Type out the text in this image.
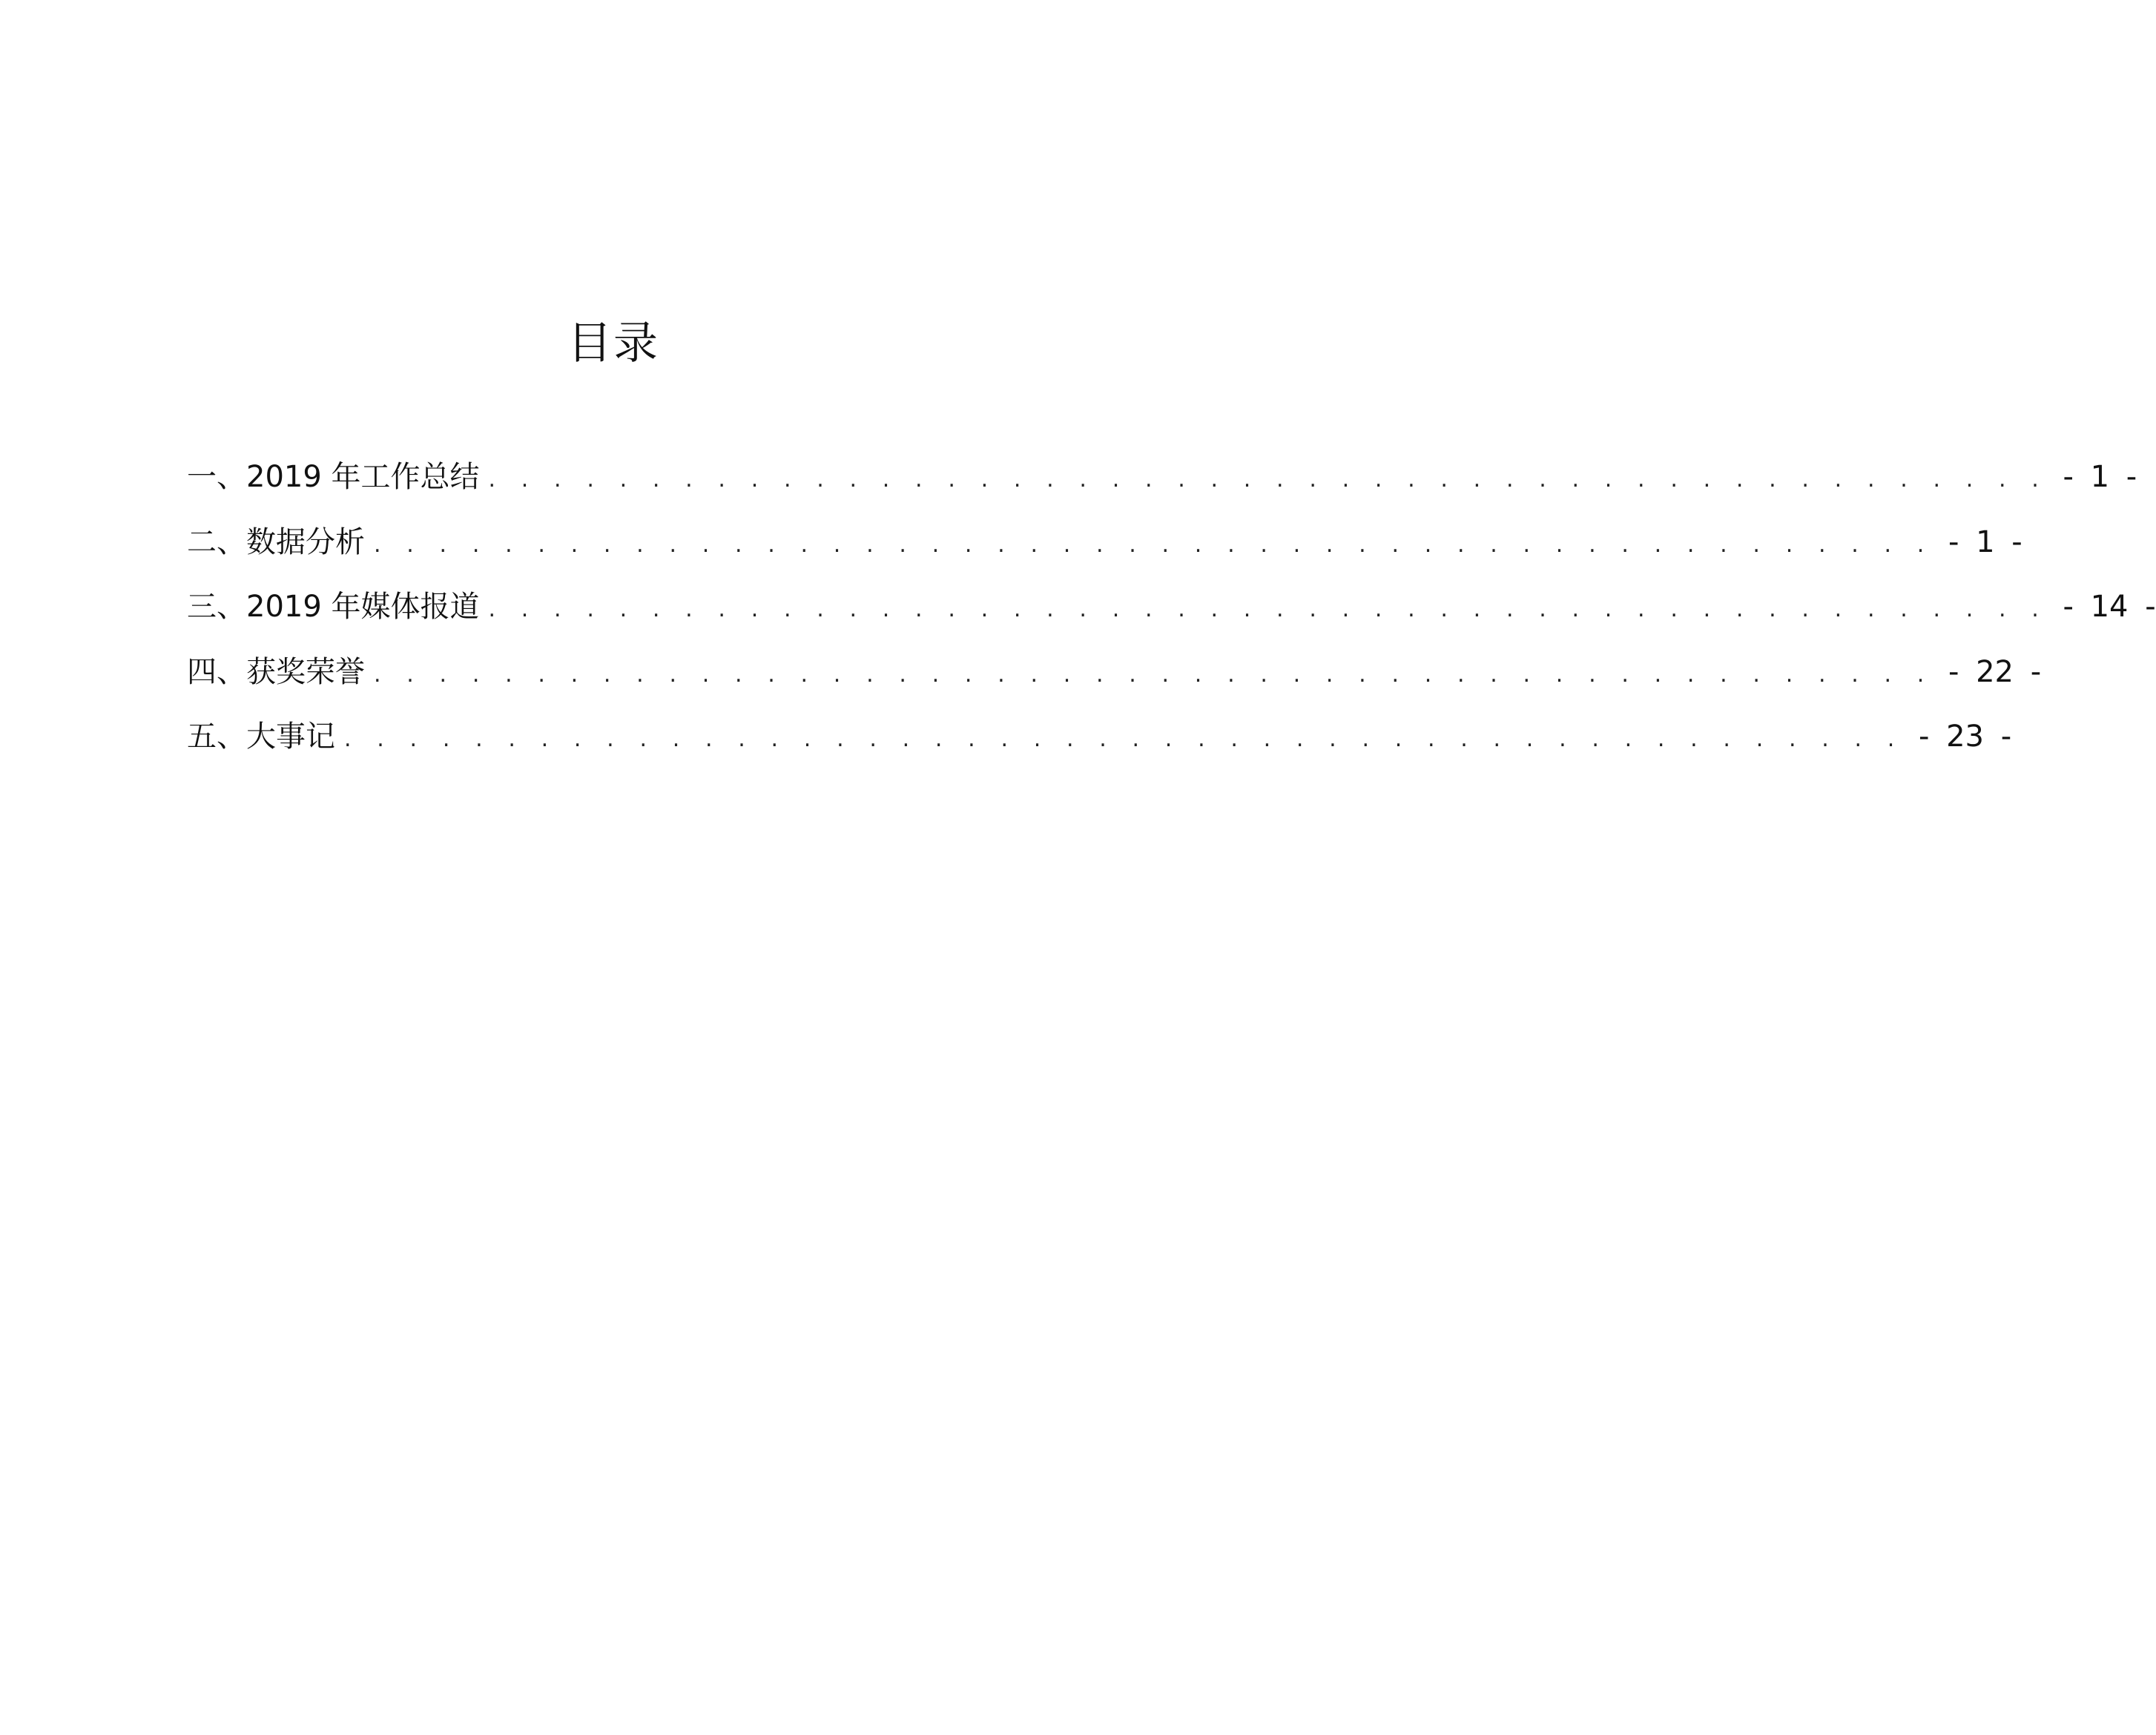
目录
一、2019 年工作总结 . . . . . . . . . . . . . . . . . . . . . . . . . . . . . . . . . . . . . . . . . . . . . . . . - 1 -
二、数据分析 . . . . . . . . . . . . . . . . . . . . . . . . . . . . . . . . . . . . . . . . . . . . . . . . - 1 -
三、2019 年媒体报道 . . . . . . . . . . . . . . . . . . . . . . . . . . . . . . . . . . . . . . . . . . . . . . . . - 14 -
四、获奖荣誉 . . . . . . . . . . . . . . . . . . . . . . . . . . . . . . . . . . . . . . . . . . . . . . . . - 22 -
五、大事记 . . . . . . . . . . . . . . . . . . . . . . . . . . . . . . . . . . . . . . . . . . . . . . . . - 23 -
